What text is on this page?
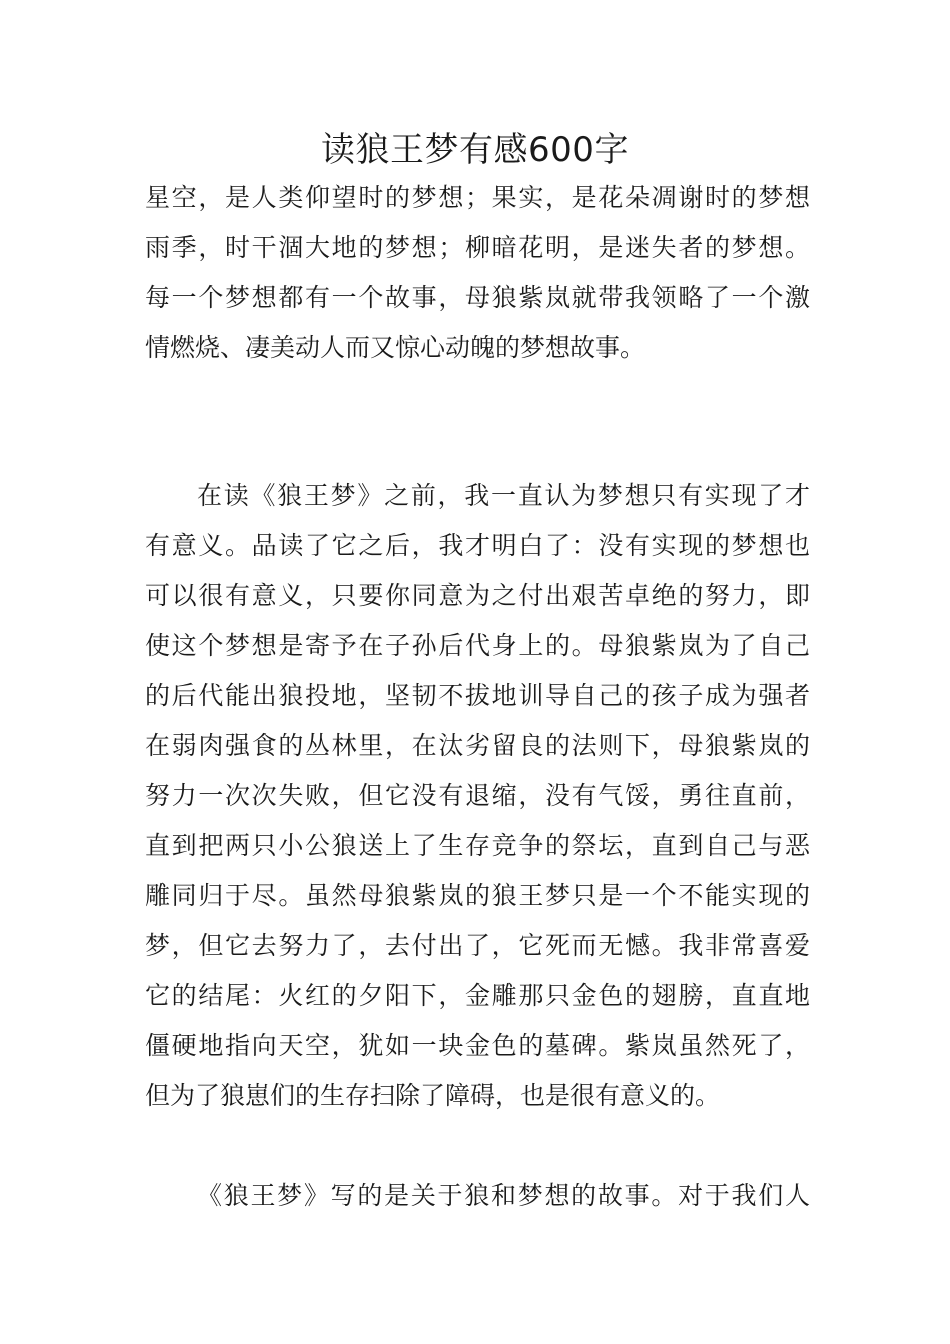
读狼王梦有感600字
星空，是人类仰望时的梦想；果实，是花朵凋谢时的梦想
雨季，时干涸大地的梦想；柳暗花明，是迷失者的梦想。
每一个梦想都有一个故事，母狼紫岚就带我领略了一个激
情燃烧、凄美动人而又惊心动魄的梦想故事。
在读《狼王梦》之前，我一直认为梦想只有实现了才
有意义。品读了它之后，我才明白了：没有实现的梦想也
可以很有意义，只要你同意为之付出艰苦卓绝的努力，即
使这个梦想是寄予在子孙后代身上的。母狼紫岚为了自己
的后代能出狼投地，坚韧不拔地训导自己的孩子成为强者
在弱肉强食的丛林里，在汰劣留良的法则下，母狼紫岚的
努力一次次失败，但它没有退缩，没有气馁，勇往直前，
直到把两只小公狼送上了生存竞争的祭坛，直到自己与恶
雕同归于尽。虽然母狼紫岚的狼王梦只是一个不能实现的
梦，但它去努力了，去付出了，它死而无憾。我非常喜爱
它的结尾：火红的夕阳下，金雕那只金色的翅膀，直直地
僵硬地指向天空，犹如一块金色的墓碑。紫岚虽然死了，
但为了狼崽们的生存扫除了障碍，也是很有意义的。
《狼王梦》写的是关于狼和梦想的故事。对于我们人
